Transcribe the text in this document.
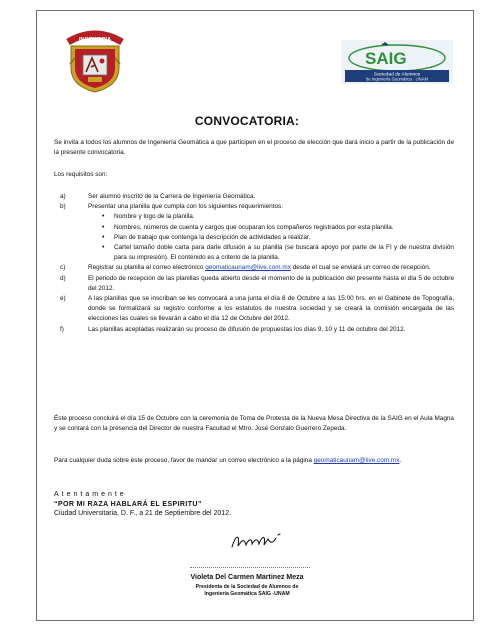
INGENIERIA
SAIG
Sociedad de Alumnos
de Ingeniería Geomática · UNAM
CONVOCATORIA:
Se invita a todos los alumnos de Ingeniería Geomática a que participen en el proceso de elección que dará inicio a partir de la publicación de la presente convocatoria.
Los requisitos son:
a)	Ser alumno inscrito de la Carrera de Ingeniería Geomática.
b)	Presentar una planilla que cumpla con los siguientes requerimientos:
• Nombre y logo de la planilla.
• Nombres, números de cuenta y cargos que ocuparan los compañeros registrados por esta planilla.
• Plan de trabajo que contenga la descripción de actividades a realizar.
• Cartel tamaño doble carta para darle difusión a su planilla (se buscará apoyo por parte de la FI y de nuestra división para su impresión). El contenido es a criterio de la planilla.
c)	Registrar su planilla al correo electrónico geomaticaunam@live.com.mx desde el cual se enviará un correo de recepción.
d)	El periodo de recepción de las planillas queda abierto desde el momento de la publicación del presente hasta el día 5 de octubre del 2012.
e)	A las planillas que se inscriban se les convocará a una junta el día 8 de Octubre a las 15:00 hrs. en el Gabinete de Topografía, donde se formalizará su registro conforme a los estatutos de nuestra sociedad y se creará la comisión encargada de las elecciones las cuales se llevarán a cabo el día 12 de Octubre del 2012.
f)	Las planillas aceptadas realizarán su proceso de difusión de propuestas los días 9, 10 y 11 de octubre del 2012.
Éste proceso concluirá el día 15 de Octubre con la ceremonia de Toma de Protesta de la Nueva Mesa Directiva de la SAIG en el Aula Magna y se contará con la presencia del Director de nuestra Facultad el Mtro. José Gonzalo Guerrero Zepeda.
Para cualquier duda sobre éste proceso, favor de mandar un correo electrónico a la página geomaticaunam@live.com.mx.
Atentamente
“POR MI RAZA HABLARÁ EL ESPIRITU”
Ciudad Universitaria, D. F., a 21 de Septiembre del 2012.
Violeta Del Carmen Martinez Meza
Presidenta de la Sociedad de Alumnos de
Ingeniería Geomática SAIG -UNAM
